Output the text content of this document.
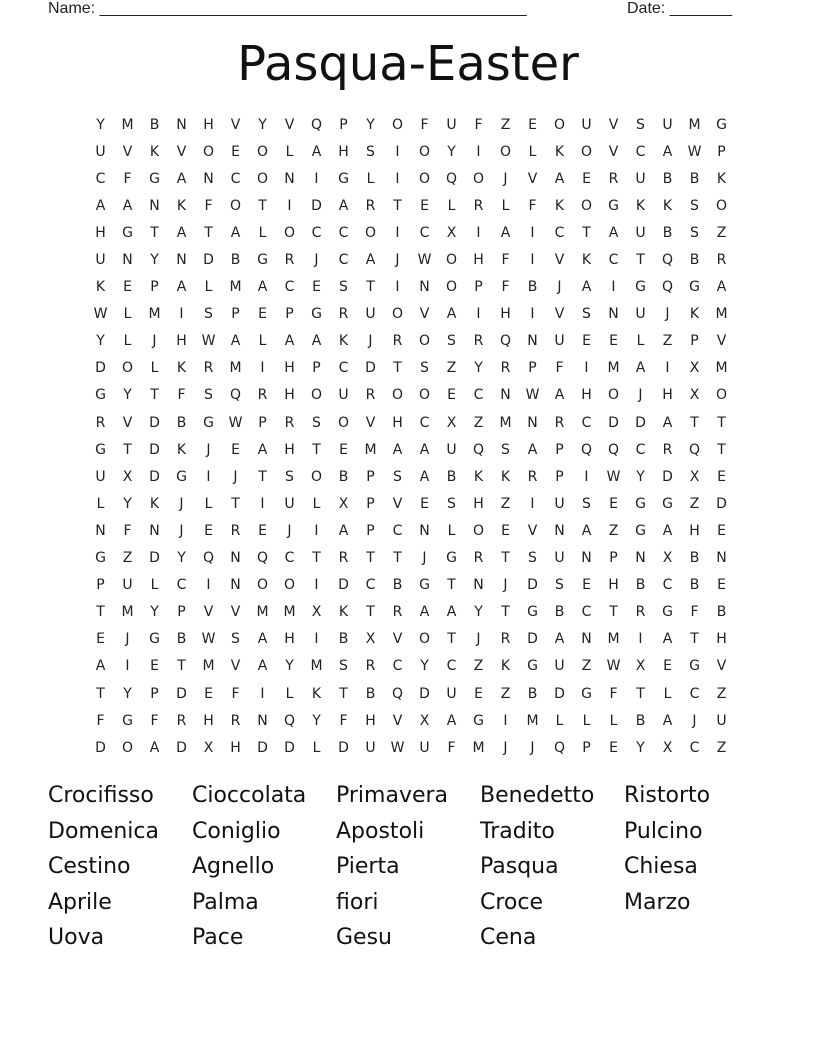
Name: ________________________________________________	Date: _______
Pasqua-Easter
Y	M	B	N	H	V	Y	V	Q	P	Y	O	F	U	F	Z	E	O	U	V	S	U	M	G
U	V	K	V	O	E	O	L	A	H	S	I	O	Y	I	O	L	K	O	V	C	A	W	P
C	F	G	A	N	C	O	N	I	G	L	I	O	Q	O	J	V	A	E	R	U	B	B	K
A	A	N	K	F	O	T	I	D	A	R	T	E	L	R	L	F	K	O	G	K	K	S	O
H	G	T	A	T	A	L	O	C	C	O	I	C	X	I	A	I	C	T	A	U	B	S	Z
U	N	Y	N	D	B	G	R	J	C	A	J	W	O	H	F	I	V	K	C	T	Q	B	R
K	E	P	A	L	M	A	C	E	S	T	I	N	O	P	F	B	J	A	I	G	Q	G	A
W	L	M	I	S	P	E	P	G	R	U	O	V	A	I	H	I	V	S	N	U	J	K	M
Y	L	J	H	W	A	L	A	A	K	J	R	O	S	R	Q	N	U	E	E	L	Z	P	V
D	O	L	K	R	M	I	H	P	C	D	T	S	Z	Y	R	P	F	I	M	A	I	X	M
G	Y	T	F	S	Q	R	H	O	U	R	O	O	E	C	N	W	A	H	O	J	H	X	O
R	V	D	B	G	W	P	R	S	O	V	H	C	X	Z	M	N	R	C	D	D	A	T	T
G	T	D	K	J	E	A	H	T	E	M	A	A	U	Q	S	A	P	Q	Q	C	R	Q	T
U	X	D	G	I	J	T	S	O	B	P	S	A	B	K	K	R	P	I	W	Y	D	X	E
L	Y	K	J	L	T	I	U	L	X	P	V	E	S	H	Z	I	U	S	E	G	G	Z	D
N	F	N	J	E	R	E	J	I	A	P	C	N	L	O	E	V	N	A	Z	G	A	H	E
G	Z	D	Y	Q	N	Q	C	T	R	T	T	J	G	R	T	S	U	N	P	N	X	B	N
P	U	L	C	I	N	O	O	I	D	C	B	G	T	N	J	D	S	E	H	B	C	B	E
T	M	Y	P	V	V	M	M	X	K	T	R	A	A	Y	T	G	B	C	T	R	G	F	B
E	J	G	B	W	S	A	H	I	B	X	V	O	T	J	R	D	A	N	M	I	A	T	H
A	I	E	T	M	V	A	Y	M	S	R	C	Y	C	Z	K	G	U	Z	W	X	E	G	V
T	Y	P	D	E	F	I	L	K	T	B	Q	D	U	E	Z	B	D	G	F	T	L	C	Z
F	G	F	R	H	R	N	Q	Y	F	H	V	X	A	G	I	M	L	L	L	B	A	J	U
D	O	A	D	X	H	D	D	L	D	U	W	U	F	M	J	J	Q	P	E	Y	X	C	Z
Crocifisso	Cioccolata	Primavera	Benedetto	Ristorto
Domenica	Coniglio	Apostoli	Tradito	Pulcino
Cestino	Agnello	Pierta	Pasqua	Chiesa
Aprile	Palma	fiori	Croce	Marzo
Uova	Pace	Gesu	Cena
